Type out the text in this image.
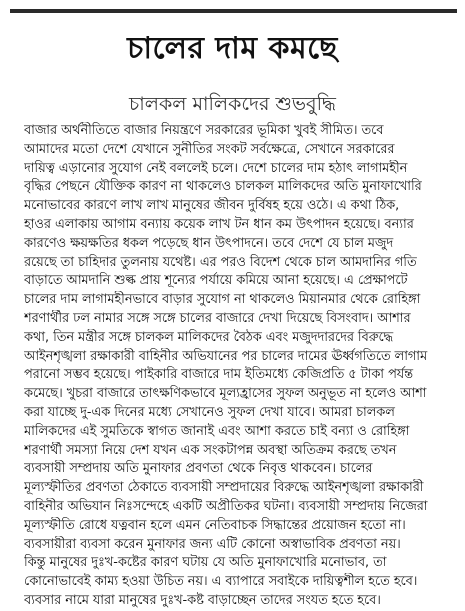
চালের দাম কমছে
চালকল মালিকদের শুভবুদ্ধি
বাজার অর্থনীতিতে বাজার নিয়ন্ত্রণে সরকারের ভূমিকা খুবই সীমিত। তবে
আমাদের মতো দেশে যেখানে সুনীতির সংকট সর্বক্ষেত্রে, সেখানে সরকারের
দায়িত্ব এড়ানোর সুযোগ নেই বললেই চলে। দেশে চালের দাম হঠাৎ লাগামহীন
বৃদ্ধির পেছনে যৌক্তিক কারণ না থাকলেও চালকল মালিকদের অতি মুনাফাখোরি
মনোভাবের কারণে লাখ লাখ মানুষের জীবন দুর্বিষহ হয়ে ওঠে। এ কথা ঠিক,
হাওর এলাকায় আগাম বন্যায় কয়েক লাখ টন ধান কম উৎপাদন হয়েছে। বন্যার
কারণেও ক্ষয়ক্ষতির ধকল পড়েছে ধান উৎপাদনে। তবে দেশে যে চাল মজুদ
রয়েছে তা চাহিদার তুলনায় যথেষ্ট। এর পরও বিদেশ থেকে চাল আমদানির গতি
বাড়াতে আমদানি শুল্ক প্রায় শূন্যের পর্যায়ে কমিয়ে আনা হয়েছে। এ প্রেক্ষাপটে
চালের দাম লাগামহীনভাবে বাড়ার সুযোগ না থাকলেও মিয়ানমার থেকে রোহিঙ্গা
শরণার্থীর ঢল নামার সঙ্গে সঙ্গে চালের বাজারে দেখা দিয়েছে বিসংবাদ। আশার
কথা, তিন মন্ত্রীর সঙ্গে চালকল মালিকদের বৈঠক এবং মজুদদারদের বিরুদ্ধে
আইনশৃঙ্খলা রক্ষাকারী বাহিনীর অভিযানের পর চালের দামের ঊর্ধ্বগতিতে লাগাম
পরানো সম্ভব হয়েছে। পাইকারি বাজারে দাম ইতিমধ্যে কেজিপ্রতি ৫ টাকা পর্যন্ত
কমেছে। খুচরা বাজারে তাৎক্ষণিকভাবে মূল্যহ্রাসের সুফল অনুভূত না হলেও আশা
করা যাচ্ছে দু-এক দিনের মধ্যে সেখানেও সুফল দেখা যাবে। আমরা চালকল
মালিকদের এই সুমতিকে স্বাগত জানাই এবং আশা করতে চাই বন্যা ও রোহিঙ্গা
শরণার্থী সমস্যা নিয়ে দেশ যখন এক সংকটাপন্ন অবস্থা অতিক্রম করছে তখন
ব্যবসায়ী সম্প্রদায় অতি মুনাফার প্রবণতা থেকে নিবৃত্ত থাকবেন। চালের
মূল্যস্ফীতির প্রবণতা ঠেকাতে ব্যবসায়ী সম্প্রদায়ের বিরুদ্ধে আইনশৃঙ্খলা রক্ষাকারী
বাহিনীর অভিযান নিঃসন্দেহে একটি অপ্রীতিকর ঘটনা। ব্যবসায়ী সম্প্রদায় নিজেরা
মূল্যস্ফীতি রোধে যত্নবান হলে এমন নেতিবাচক সিদ্ধান্তের প্রয়োজন হতো না।
ব্যবসায়ীরা ব্যবসা করেন মুনাফার জন্য এটি কোনো অস্বাভাবিক প্রবণতা নয়।
কিন্তু মানুষের দুঃখ-কষ্টের কারণ ঘটায় যে অতি মুনাফাখোরি মনোভাব, তা
কোনোভাবেই কাম্য হওয়া উচিত নয়। এ ব্যাপারে সবাইকে দায়িত্বশীল হতে হবে।
ব্যবসার নামে যারা মানুষের দুঃখ-কষ্ট বাড়াচ্ছেন তাদের সংযত হতে হবে।
